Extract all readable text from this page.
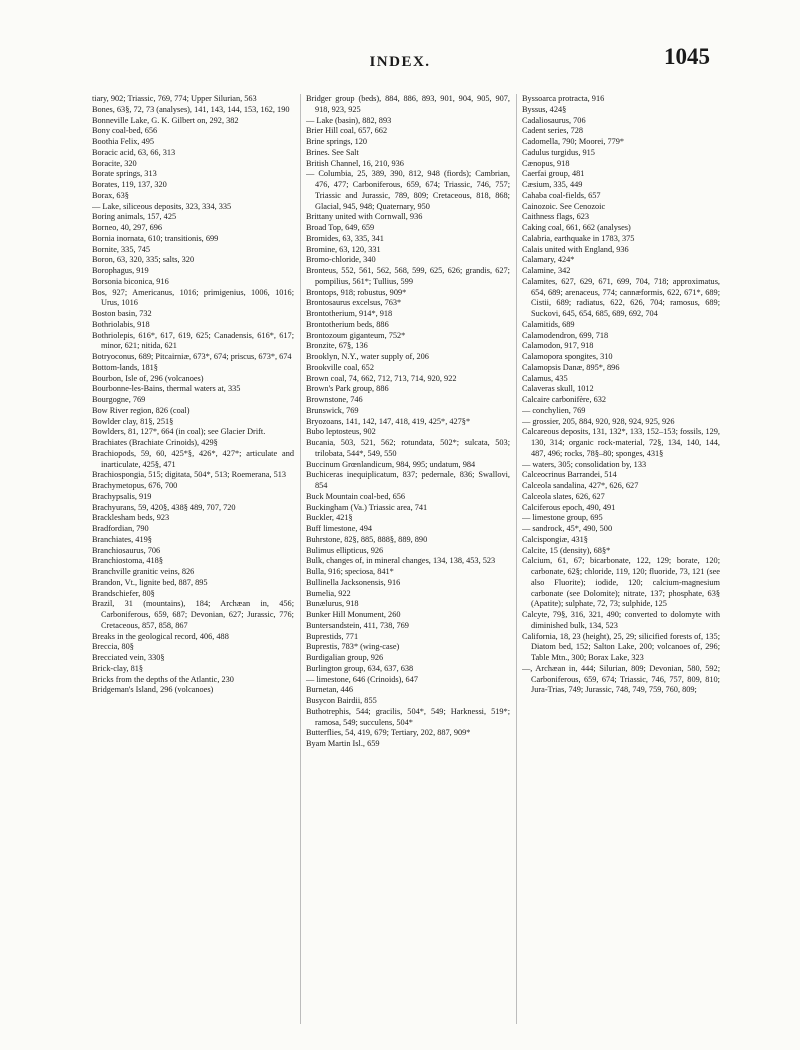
INDEX.	1045

tiary, 902; Triassic, 769, 774; Upper Silurian, 563

Bones, 63§, 72, 73 (analyses), 141, 143, 144, 153, 162, 190

Bonneville Lake, G. K. Gilbert on, 292, 382

Bony coal-bed, 656

Boothia Felix, 495

Boracic acid, 63, 66, 313

Boracite, 320

Borate springs, 313

Borates, 119, 137, 320

Borax, 63§

— Lake, siliceous deposits, 323, 334, 335

Boring animals, 157, 425

Borneo, 40, 297, 696

Bornia inornata, 610; transitionis, 699

Bornite, 335, 745

Boron, 63, 320, 335; salts, 320

Borophagus, 919

Borsonia biconica, 916

Bos, 927; Americanus, 1016; primigenius, 1006, 1016; Urus, 1016

Boston basin, 732

Bothriolabis, 918

Bothriolepis, 616*, 617, 619, 625; Canadensis, 616*, 617; minor, 621; nitida, 621

Botryoconus, 689; Pitcairniæ, 673*, 674; priscus, 673*, 674

Bottom-lands, 181§

Bourbon, Isle of, 296 (volcanoes)

Bourbonne-les-Bains, thermal waters at, 335

Bourgogne, 769

Bow River region, 826 (coal)

Bowlder clay, 81§, 251§

Bowlders, 81, 127*, 664 (in coal); see Glacier Drift.

Brachiates (Brachiate Crinoids), 429§

Brachiopods, 59, 60, 425*§, 426*, 427*; articulate and inarticulate, 425§, 471

Brachiospongia, 515; digitata, 504*, 513; Roemerana, 513

Brachymetopus, 676, 700

Brachypsalis, 919

Brachyurans, 59, 420§, 438§ 489, 707, 720

Bracklesham beds, 923

Bradfordian, 790

Branchiates, 419§

Branchiosaurus, 706

Branchiostoma, 418§

Branchville granitic veins, 826

Brandon, Vt., lignite bed, 887, 895

Brandschiefer, 80§

Brazil, 31 (mountains), 184; Archæan in, 456; Carboniferous, 659, 687; Devonian, 627; Jurassic, 776; Cretaceous, 857, 858, 867

Breaks in the geological record, 406, 488

Breccia, 80§

Brecciated vein, 330§

Brick-clay, 81§

Bricks from the depths of the Atlantic, 230

Bridgeman's Island, 296 (volcanoes)

Bridger group (beds), 884, 886, 893, 901, 904, 905, 907, 918, 923, 925

— Lake (basin), 882, 893

Brier Hill coal, 657, 662

Brine springs, 120

Brines. See Salt

British Channel, 16, 210, 936

— Columbia, 25, 389, 390, 812, 948 (fiords); Cambrian, 476, 477; Carboniferous, 659, 674; Triassic, 746, 757; Triassic and Jurassic, 789, 809; Cretaceous, 818, 868; Glacial, 945, 948; Quaternary, 950

Brittany united with Cornwall, 936

Broad Top, 649, 659

Bromides, 63, 335, 341

Bromine, 63, 120, 331

Bromo-chloride, 340

Bronteus, 552, 561, 562, 568, 599, 625, 626; grandis, 627; pompilius, 561*; Tullius, 599

Brontops, 918; robustus, 909*

Brontosaurus excelsus, 763*

Brontotherium, 914*, 918

Brontotherium beds, 886

Brontozoum giganteum, 752*

Bronzite, 67§, 136

Brooklyn, N.Y., water supply of, 206

Brookville coal, 652

Brown coal, 74, 662, 712, 713, 714, 920, 922

Brown's Park group, 886

Brownstone, 746

Brunswick, 769

Bryozoans, 141, 142, 147, 418, 419, 425*, 427§*

Bubo leptosteus, 902

Bucania, 503, 521, 562; rotundata, 502*; sulcata, 503; trilobata, 544*, 549, 550

Buccinum Grœnlandicum, 984, 995; undatum, 984

Buchiceras inequiplicatum, 837; pedernale, 836; Swallovi, 854

Buck Mountain coal-bed, 656

Buckingham (Va.) Triassic area, 741

Buckler, 421§

Buff limestone, 494

Buhrstone, 82§, 885, 888§, 889, 890

Bulimus ellipticus, 926

Bulk, changes of, in mineral changes, 134, 138, 453, 523

Bulla, 916; speciosa, 841*

Bullinella Jacksonensis, 916

Bumelia, 922

Bunælurus, 918

Bunker Hill Monument, 260

Buntersandstein, 411, 738, 769

Buprestids, 771

Buprestis, 783* (wing-case)

Burdigalian group, 926

Burlington group, 634, 637, 638

— limestone, 646 (Crinoids), 647

Burnetan, 446

Busycon Bairdii, 855

Buthotrephis, 544; gracilis, 504*, 549; Harknessi, 519*; ramosa, 549; succulens, 504*

Butterflies, 54, 419, 679; Tertiary, 202, 887, 909*

Byam Martin Isl., 659

Byssoarca protracta, 916

Byssus, 424§

Cadaliosaurus, 706

Cadent series, 728

Cadomella, 790; Moorei, 779*

Cadulus turgidus, 915

Cænopus, 918

Caerfai group, 481

Cæsium, 335, 449

Cahaba coal-fields, 657

Cainozoic. See Cenozoic

Caithness flags, 623

Caking coal, 661, 662 (analyses)

Calabria, earthquake in 1783, 375

Calais united with England, 936

Calamary, 424*

Calamine, 342

Calamites, 627, 629, 671, 699, 704, 718; approximatus, 654, 689; arenaceus, 774; cannæformis, 622, 671*, 689; Cistii, 689; radiatus, 622, 626, 704; ramosus, 689; Suckovi, 645, 654, 685, 689, 692, 704

Calamitids, 689

Calamodendron, 699, 718

Calamodon, 917, 918

Calamopora spongites, 310

Calamopsis Danæ, 895*, 896

Calamus, 435

Calaveras skull, 1012

Calcaire carbonifère, 632

— conchylien, 769

— grossier, 205, 884, 920, 928, 924, 925, 926

Calcareous deposits, 131, 132*, 133, 152–153; fossils, 129, 130, 314; organic rock-material, 72§, 134, 140, 144, 487, 496; rocks, 78§–80; sponges, 431§

— waters, 305; consolidation by, 133

Calceocrinus Barrandei, 514

Calceola sandalina, 427*, 626, 627

Calceola slates, 626, 627

Calciferous epoch, 490, 491

— limestone group, 695

— sandrock, 45*, 490, 500

Calcispongiæ, 431§

Calcite, 15 (density), 68§*

Calcium, 61, 67; bicarbonate, 122, 129; borate, 120; carbonate, 62§; chloride, 119, 120; fluoride, 73, 121 (see also Fluorite); iodide, 120; calcium-magnesium carbonate (see Dolomite); nitrate, 137; phosphate, 63§ (Apatite); sulphate, 72, 73; sulphide, 125

Calcyte, 79§, 316, 321, 490; converted to dolomyte with diminished bulk, 134, 523

California, 18, 23 (height), 25, 29; silicified forests of, 135; Diatom bed, 152; Salton Lake, 200; volcanoes of, 296; Table Mtn., 300; Borax Lake, 323

—, Archæan in, 444; Silurian, 809; Devonian, 580, 592; Carboniferous, 659, 674; Triassic, 746, 757, 809, 810; Jura-Trias, 749; Jurassic, 748, 749, 759, 760, 809;
